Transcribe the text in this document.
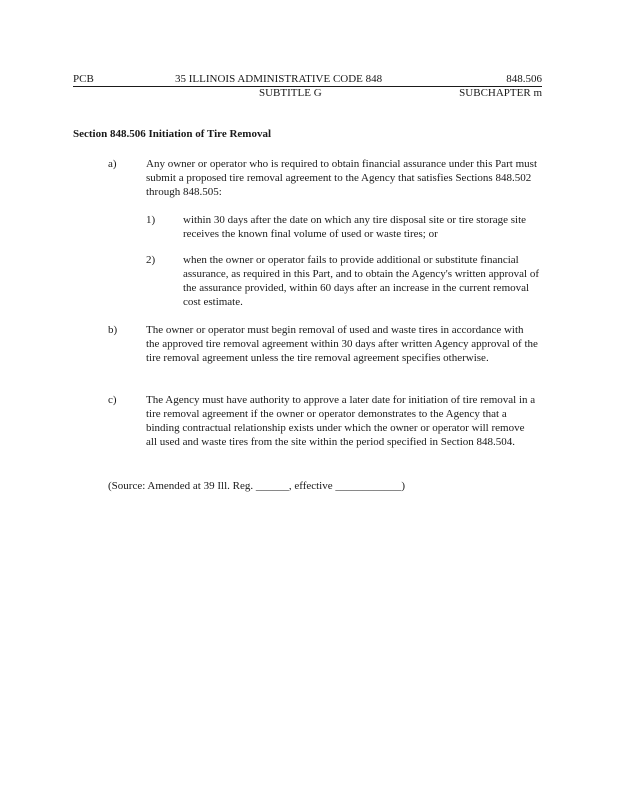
PCB	35 ILLINOIS ADMINISTRATIVE CODE 848	848.506
SUBTITLE G	SUBCHAPTER m
Section 848.506 Initiation of Tire Removal
a)	Any owner or operator who is required to obtain financial assurance under this Part must submit a proposed tire removal agreement to the Agency that satisfies Sections 848.502 through 848.505:
1)	within 30 days after the date on which any tire disposal site or tire storage site receives the known final volume of used or waste tires; or
2)	when the owner or operator fails to provide additional or substitute financial assurance, as required in this Part, and to obtain the Agency's written approval of the assurance provided, within 60 days after an increase in the current removal cost estimate.
b)	The owner or operator must begin removal of used and waste tires in accordance with the approved tire removal agreement within 30 days after written Agency approval of the tire removal agreement unless the tire removal agreement specifies otherwise.
c)	The Agency must have authority to approve a later date for initiation of tire removal in a tire removal agreement if the owner or operator demonstrates to the Agency that a binding contractual relationship exists under which the owner or operator will remove all used and waste tires from the site within the period specified in Section 848.504.
(Source: Amended at 39 Ill. Reg. ______, effective ____________)
